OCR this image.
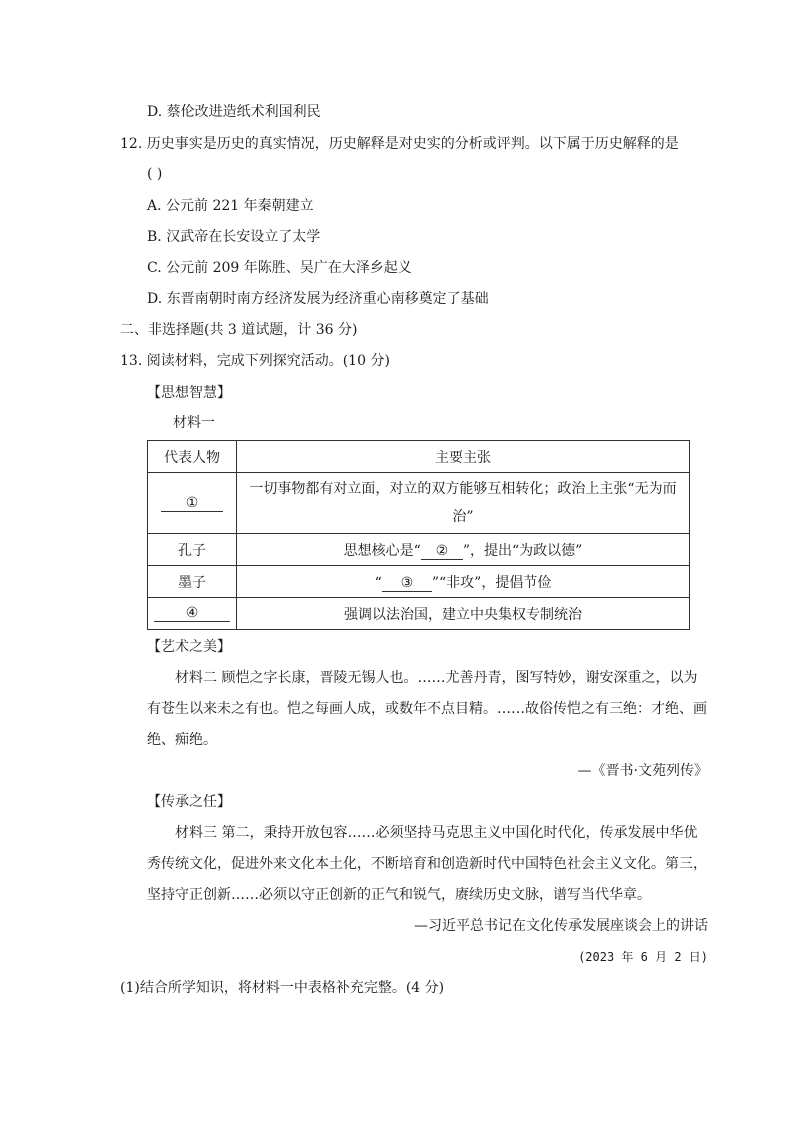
D. 蔡伦改进造纸术利国利民
12. 历史事实是历史的真实情况，历史解释是对史实的分析或评判。以下属于历史解释的是
( )
A. 公元前 221 年秦朝建立
B. 汉武帝在长安设立了太学
C. 公元前 209 年陈胜、吴广在大泽乡起义
D. 东晋南朝时南方经济发展为经济重心南移奠定了基础
二、非选择题(共 3 道试题，计 36 分)
13. 阅读材料，完成下列探究活动。(10 分)
【思想智慧】
材料一
代表人物	主要主张
①	一切事物都有对立面，对立的双方能够互相转化；政治上主张“无为而治”

孔子	思想核心是“ ② ”，提出“为政以德”
墨子	“ ③ ”“非攻”，提倡节俭
④	强调以法治国，建立中央集权专制统治
【艺术之美】
材料二 顾恺之字长康，晋陵无锡人也。……尤善丹青，图写特妙，谢安深重之，以为有苍生以来未之有也。恺之每画人成，或数年不点目精。……故俗传恺之有三绝：才绝、画绝、痴绝。
—《晋书·文苑列传》
【传承之任】
材料三 第二，秉持开放包容……必须坚持马克思主义中国化时代化，传承发展中华优秀传统文化，促进外来文化本土化，不断培育和创造新时代中国特色社会主义文化。第三，坚持守正创新……必须以守正创新的正气和锐气，赓续历史文脉，谱写当代华章。
—习近平总书记在文化传承发展座谈会上的讲话
(2023 年 6 月 2 日)
(1)结合所学知识，将材料一中表格补充完整。(4 分)
